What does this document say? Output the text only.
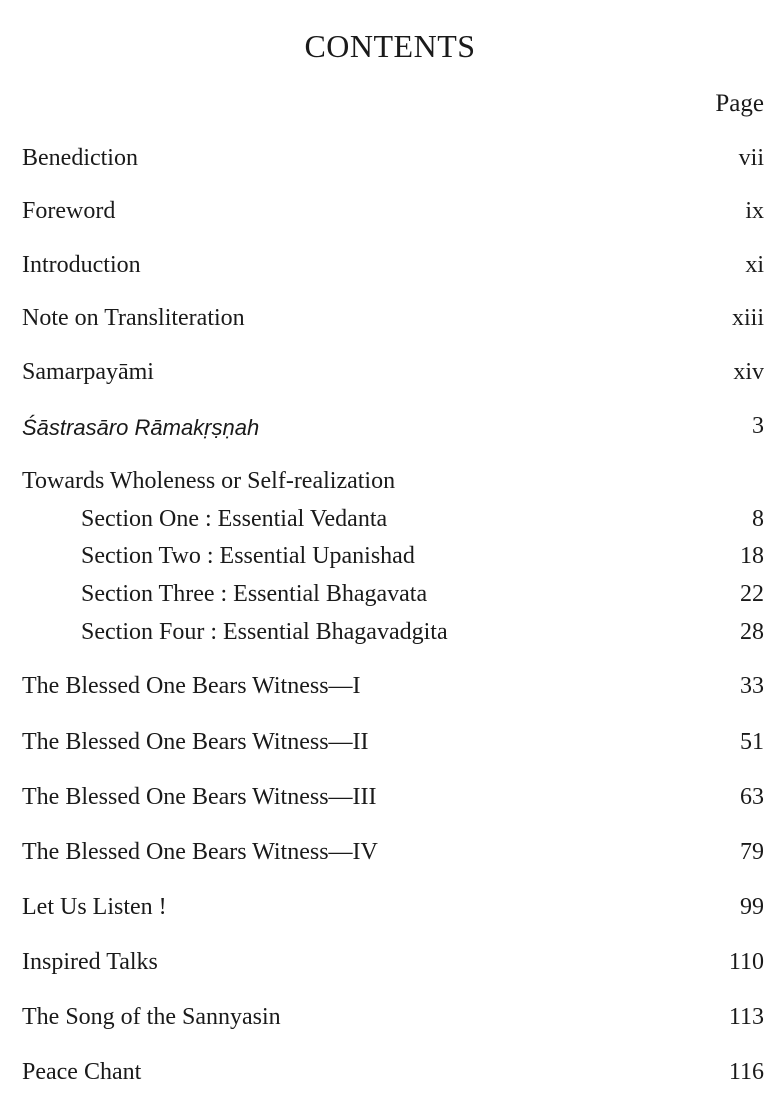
CONTENTS
Page
Benediction	vii
Foreword	ix
Introduction	xi
Note on Transliteration	xiii
Samarpayāmi	xiv
Śāstrasāro Rāmakṛṣṇah	3
Towards Wholeness or Self-realization
Section One : Essential Vedanta	8
Section Two : Essential Upanishad	18
Section Three : Essential Bhagavata	22
Section Four : Essential Bhagavadgita	28
The Blessed One Bears Witness—I	33
The Blessed One Bears Witness—II	51
The Blessed One Bears Witness—III	63
The Blessed One Bears Witness—IV	79
Let Us Listen !	99
Inspired Talks	110
The Song of the Sannyasin	113
Peace Chant	116
